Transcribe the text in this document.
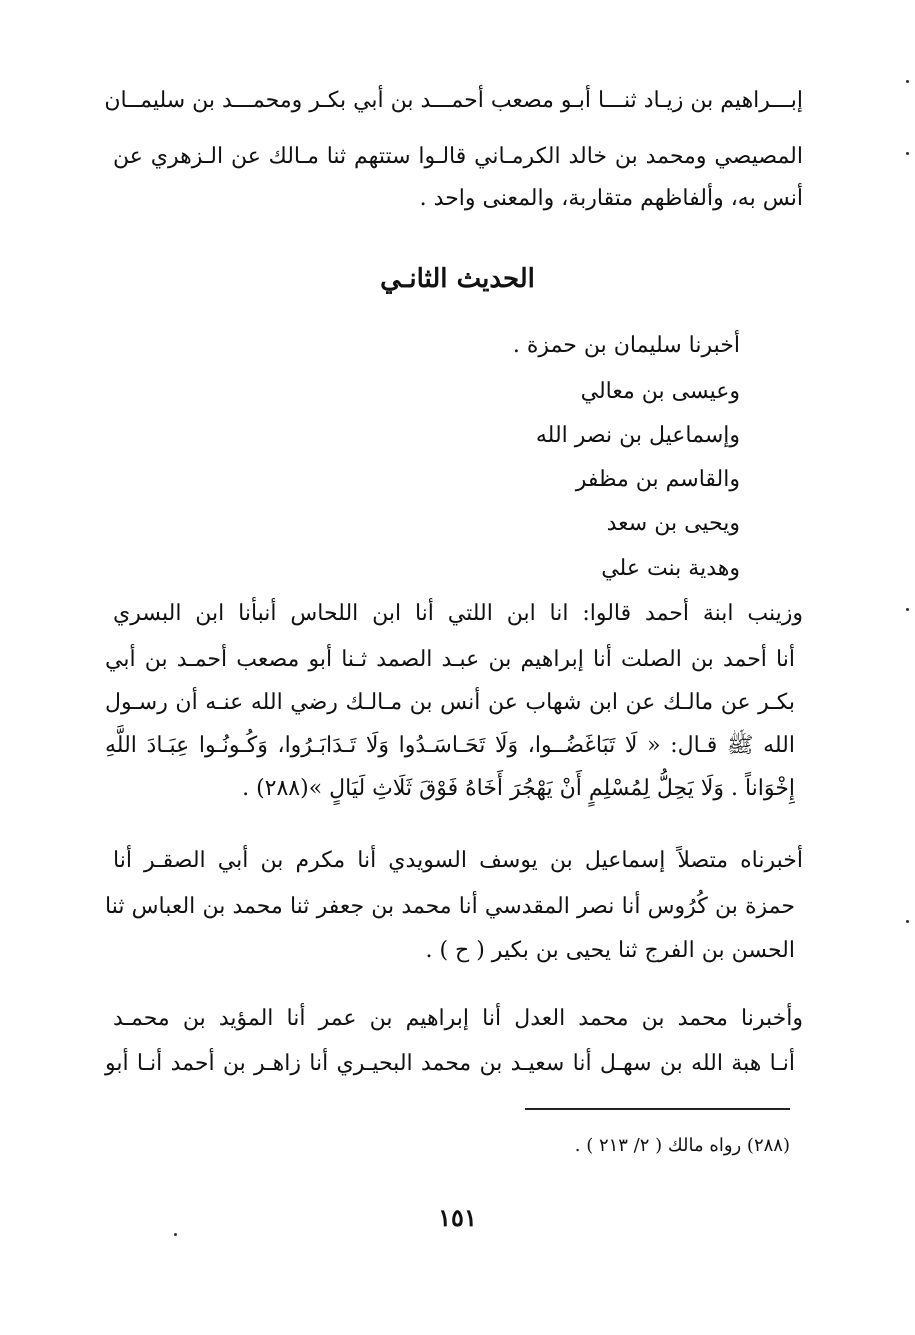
إبـــراهيم بن زيـاد ثنـــا أبـو مصعب أحمـــد بن أبي بكـر ومحمـــد بن سليمــان
المصيصي ومحمد بن خالد الكرمـاني قالـوا ستتهم ثنا مـالك عن الـزهري عن
أنس به، وألفاظهم متقاربة، والمعنى واحد .
الحديث الثانـي
أخبرنا سليمان بن حمزة .
وعيسى بن معالي
وإسماعيل بن نصر الله
والقاسم بن مظفر
ويحيى بن سعد
وهدية بنت علي
وزينب ابنة أحمد قالوا: انا ابن اللتي أنا ابن اللحاس أنبأنا ابن البسري
أنا أحمد بن الصلت أنا إبراهيم بن عبـد الصمد ثـنا أبو مصعب أحمـد بن أبي
بكـر عن مالـك عن ابن شهاب عن أنس بن مـالـك رضي الله عنـه أن رسـول
الله ﷺ قـال: « لَا تَبَاغَضُــوا، وَلَا تَحَـاسَـدُوا وَلَا تَـدَابَـرُوا، وَكُـونُـوا عِبَـادَ اللَّهِ
إِخْوَاناً . وَلَا يَحِلُّ لِمُسْلِمٍ أَنْ يَهْجُرَ أَخَاهُ فَوْقَ ثَلَاثِ لَيَالٍ »(٢٨٨) .
أخبرناه متصلاً إسماعيل بن يوسف السويدي أنا مكرم بن أبي الصقـر أنا
حمزة بن كُرُوس أنا نصر المقدسي أنا محمد بن جعفر ثنا محمد بن العباس ثنا
الحسن بن الفرج ثنا يحيى بن بكير ( ح ) .
وأخبرنا محمد بن محمد العدل أنا إبراهيم بن عمر أنا المؤيد بن محمـد
أنـا هبة الله بن سهـل أنا سعيـد بن محمد البحيـري أنا زاهـر بن أحمد أنـا أبو
(٢٨٨) رواه مالك ( ٢/ ٢١٣ ) .
١٥١
